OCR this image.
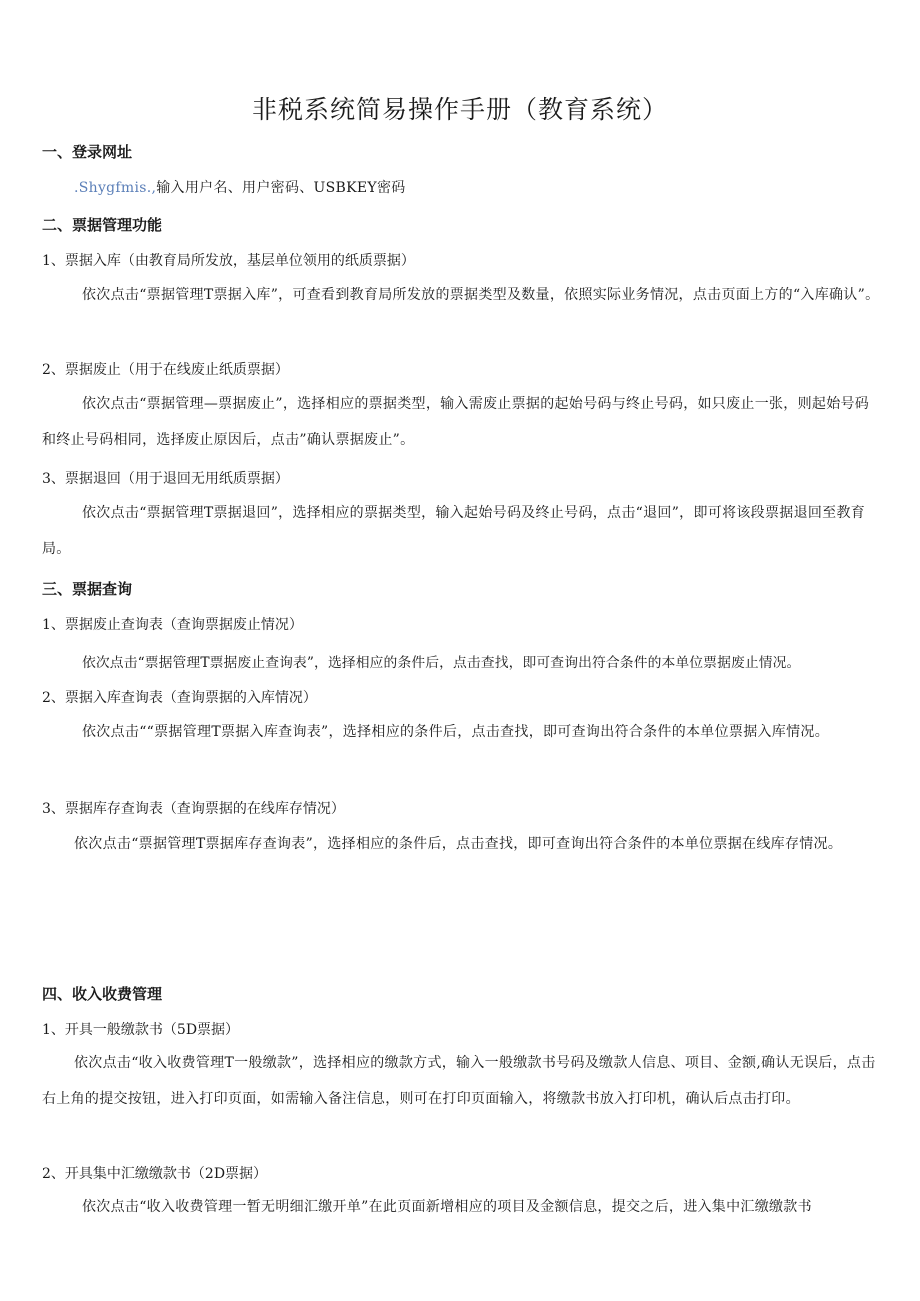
非税系统简易操作手册（教育系统）

一、登录网址

.Shygfmis.,输入用户名、用户密码、USBKEY密码

二、票据管理功能

1、票据入库（由教育局所发放，基层单位领用的纸质票据）

依次点击“票据管理T票据入库”，可查看到教育局所发放的票据类型及数量，依照实际业务情况，点击页面上方的“入库确认”。

2、票据废止（用于在线废止纸质票据）

依次点击“票据管理—票据废止”，选择相应的票据类型，输入需废止票据的起始号码与终止号码，如只废止一张，则起始号码和终止号码相同，选择废止原因后，点击”确认票据废止”。

3、票据退回（用于退回无用纸质票据）

依次点击“票据管理T票据退回”，选择相应的票据类型，输入起始号码及终止号码，点击“退回”，即可将该段票据退回至教育局。

三、票据查询

1、票据废止查询表（查询票据废止情况）

依次点击“票据管理T票据废止查询表”，选择相应的条件后，点击查找，即可查询出符合条件的本单位票据废止情况。

2、票据入库查询表（查询票据的入库情况）

依次点击““票据管理T票据入库查询表”，选择相应的条件后，点击查找，即可查询出符合条件的本单位票据入库情况。

3、票据库存查询表（查询票据的在线库存情况）

依次点击“票据管理T票据库存查询表”，选择相应的条件后，点击查找，即可查询出符合条件的本单位票据在线库存情况。

四、收入收费管理

1、开具一般缴款书（5D票据）

依次点击“收入收费管理T一般缴款”，选择相应的缴款方式，输入一般缴款书号码及缴款人信息、项目、金额,确认无误后，点击右上角的提交按钮，进入打印页面，如需输入备注信息，则可在打印页面输入，将缴款书放入打印机，确认后点击打印。

2、开具集中汇缴缴款书（2D票据）

依次点击“收入收费管理一暂无明细汇缴开单”在此页面新增相应的项目及金额信息，提交之后，进入集中汇缴缴款书
